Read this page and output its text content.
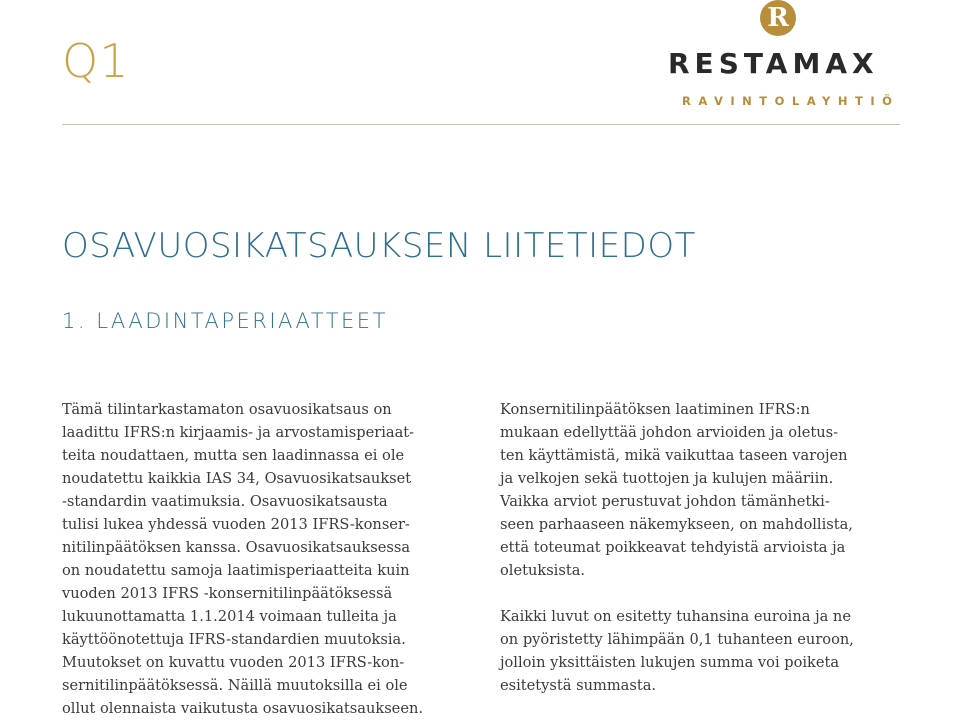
Q1
R
RESTAMAX
RAVINTOLAYHTIÖ
OSAVUOSIKATSAUKSEN LIITETIEDOT
1. LAADINTAPERIAATTEET
Tämä tilintarkastamaton osavuosikatsaus on
laadittu IFRS:n kirjaamis- ja arvostamisperiaat-
teita noudattaen, mutta sen laadinnassa ei ole
noudatettu kaikkia IAS 34, Osavuosikatsaukset
-standardin vaatimuksia. Osavuosikatsausta
tulisi lukea yhdessä vuoden 2013 IFRS-konser-
nitilinpäätöksen kanssa. Osavuosikatsauksessa
on noudatettu samoja laatimisperiaatteita kuin
vuoden 2013 IFRS -konsernitilinpäätöksessä
lukuunottamatta 1.1.2014 voimaan tulleita ja
käyttöönotettuja IFRS-standardien muutoksia.
Muutokset on kuvattu vuoden 2013 IFRS-kon-
sernitilinpäätöksessä. Näillä muutoksilla ei ole
ollut olennaista vaikutusta osavuosikatsaukseen.
Konsernitilinpäätöksen laatiminen IFRS:n
mukaan edellyttää johdon arvioiden ja oletus-
ten käyttämistä, mikä vaikuttaa taseen varojen
ja velkojen sekä tuottojen ja kulujen määriin.
Vaikka arviot perustuvat johdon tämänhetki-
seen parhaaseen näkemykseen, on mahdollista,
että toteumat poikkeavat tehdyistä arvioista ja
oletuksista.
Kaikki luvut on esitetty tuhansina euroina ja ne
on pyöristetty lähimpään 0,1 tuhanteen euroon,
jolloin yksittäisten lukujen summa voi poiketa
esitetystä summasta.
